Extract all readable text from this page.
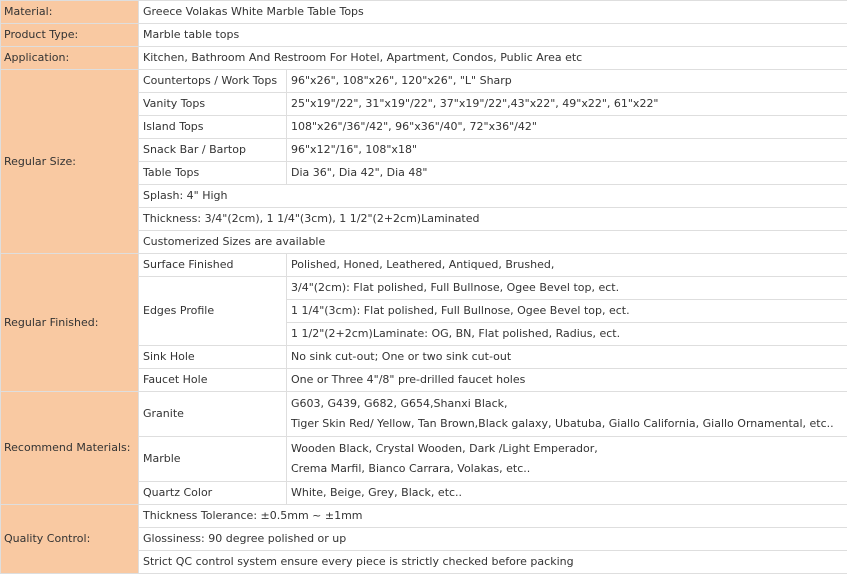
Material:	Greece Volakas White Marble Table Tops	
Product Type:	Marble table tops	
Application:	Kitchen, Bathroom And Restroom For Hotel, Apartment, Condos, Public Area etc	
Regular Size:	Countertops / Work Tops	96"x26", 108"x26", 120"x26", "L" Sharp
	Vanity Tops	25"x19"/22", 31"x19"/22", 37"x19"/22",43"x22", 49"x22", 61"x22"
	Island Tops	108"x26"/36"/42", 96"x36"/40", 72"x36"/42"
	Snack Bar / Bartop	96"x12"/16", 108"x18"
	Table Tops	Dia 36", Dia 42", Dia 48"
	Splash: 4" High	
	Thickness: 3/4"(2cm), 1 1/4"(3cm), 1 1/2"(2+2cm)Laminated	
	Customerized Sizes are available	
Regular Finished:	Surface Finished	Polished, Honed, Leathered, Antiqued, Brushed,
	Edges Profile	3/4"(2cm): Flat polished, Full Bullnose, Ogee Bevel top, ect.
		1 1/4"(3cm): Flat polished, Full Bullnose, Ogee Bevel top, ect.
		1 1/2"(2+2cm)Laminate: OG, BN, Flat polished, Radius, ect.
	Sink Hole	No sink cut-out; One or two sink cut-out
	Faucet Hole	One or Three 4"/8" pre-drilled faucet holes
Recommend Materials:	Granite	G603, G439, G682, G654,Shanxi Black,
Tiger Skin Red/ Yellow, Tan Brown,Black galaxy, Ubatuba, Giallo California, Giallo Ornamental, etc..

	Marble	Wooden Black, Crystal Wooden, Dark /Light Emperador,
Crema Marfil, Bianco Carrara, Volakas, etc..

	Quartz Color	White, Beige, Grey, Black, etc..
Quality Control:	Thickness Tolerance: ±0.5mm ~ ±1mm	
	Glossiness: 90 degree polished or up	
	Strict QC control system ensure every piece is strictly checked before packing	
